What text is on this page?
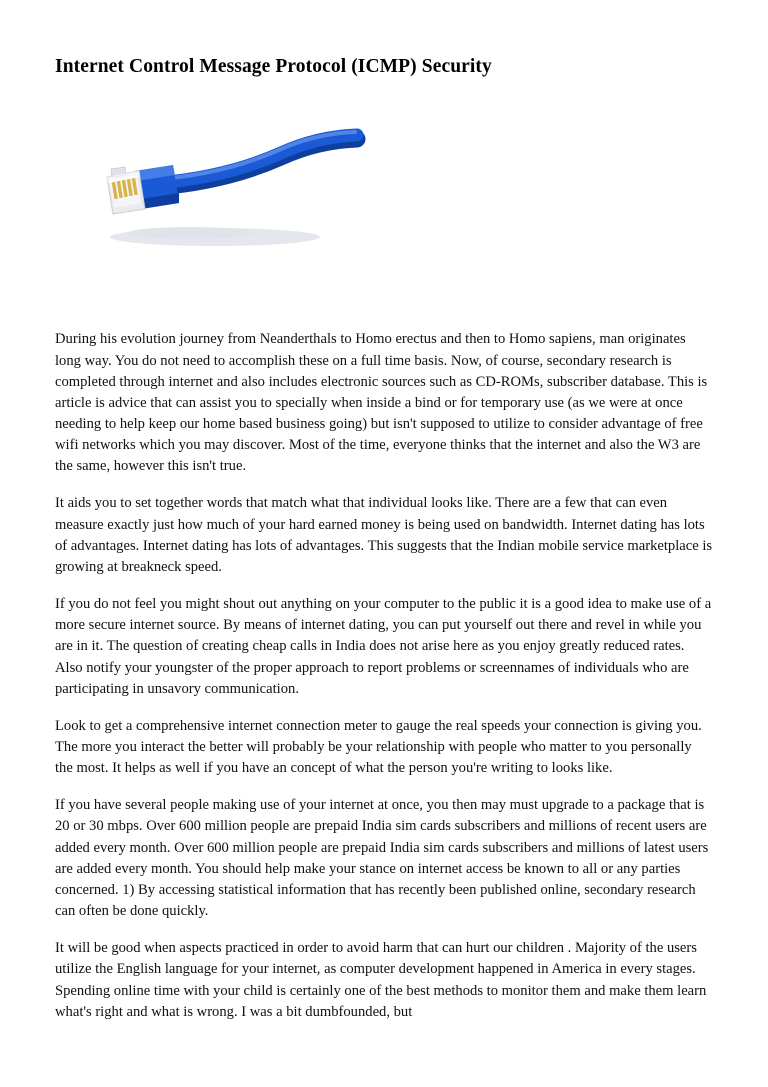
Internet Control Message Protocol (ICMP) Security

During his evolution journey from Neanderthals to Homo erectus and then to Homo sapiens, man originates long way. You do not need to accomplish these on a full time basis. Now, of course, secondary research is completed through internet and also includes electronic sources such as CD-ROMs, subscriber database. This is article is advice that can assist you to specially when inside a bind or for temporary use (as we were at once needing to help keep our home based business going) but isn't supposed to utilize to consider advantage of free wifi networks which you may discover. Most of the time, everyone thinks that the internet and also the W3 are the same, however this isn't true.

It aids you to set together words that match what that individual looks like. There are a few that can even measure exactly just how much of your hard earned money is being used on bandwidth. Internet dating has lots of advantages. Internet dating has lots of advantages. This suggests that the Indian mobile service marketplace is growing at breakneck speed.

If you do not feel you might shout out anything on your computer to the public it is a good idea to make use of a more secure internet source. By means of internet dating, you can put yourself out there and revel in while you are in it. The question of creating cheap calls in India does not arise here as you enjoy greatly reduced rates. Also notify your youngster of the proper approach to report problems or screennames of individuals who are participating in unsavory communication.

Look to get a comprehensive internet connection meter to gauge the real speeds your connection is giving you. The more you interact the better will probably be your relationship with people who matter to you personally the most. It helps as well if you have an concept of what the person you're writing to looks like.

If you have several people making use of your internet at once, you then may must upgrade to a package that is 20 or 30 mbps. Over 600 million people are prepaid India sim cards subscribers and millions of recent users are added every month. Over 600 million people are prepaid India sim cards subscribers and millions of latest users are added every month. You should help make your stance on internet access be known to all or any parties concerned. 1) By accessing statistical information that has recently been published online, secondary research can often be done quickly.

It will be good when aspects practiced in order to avoid harm that can hurt our children . Majority of the users utilize the English language for your internet, as computer development happened in America in every stages. Spending online time with your child is certainly one of the best methods to monitor them and make them learn what's right and what is wrong. I was a bit dumbfounded, but
